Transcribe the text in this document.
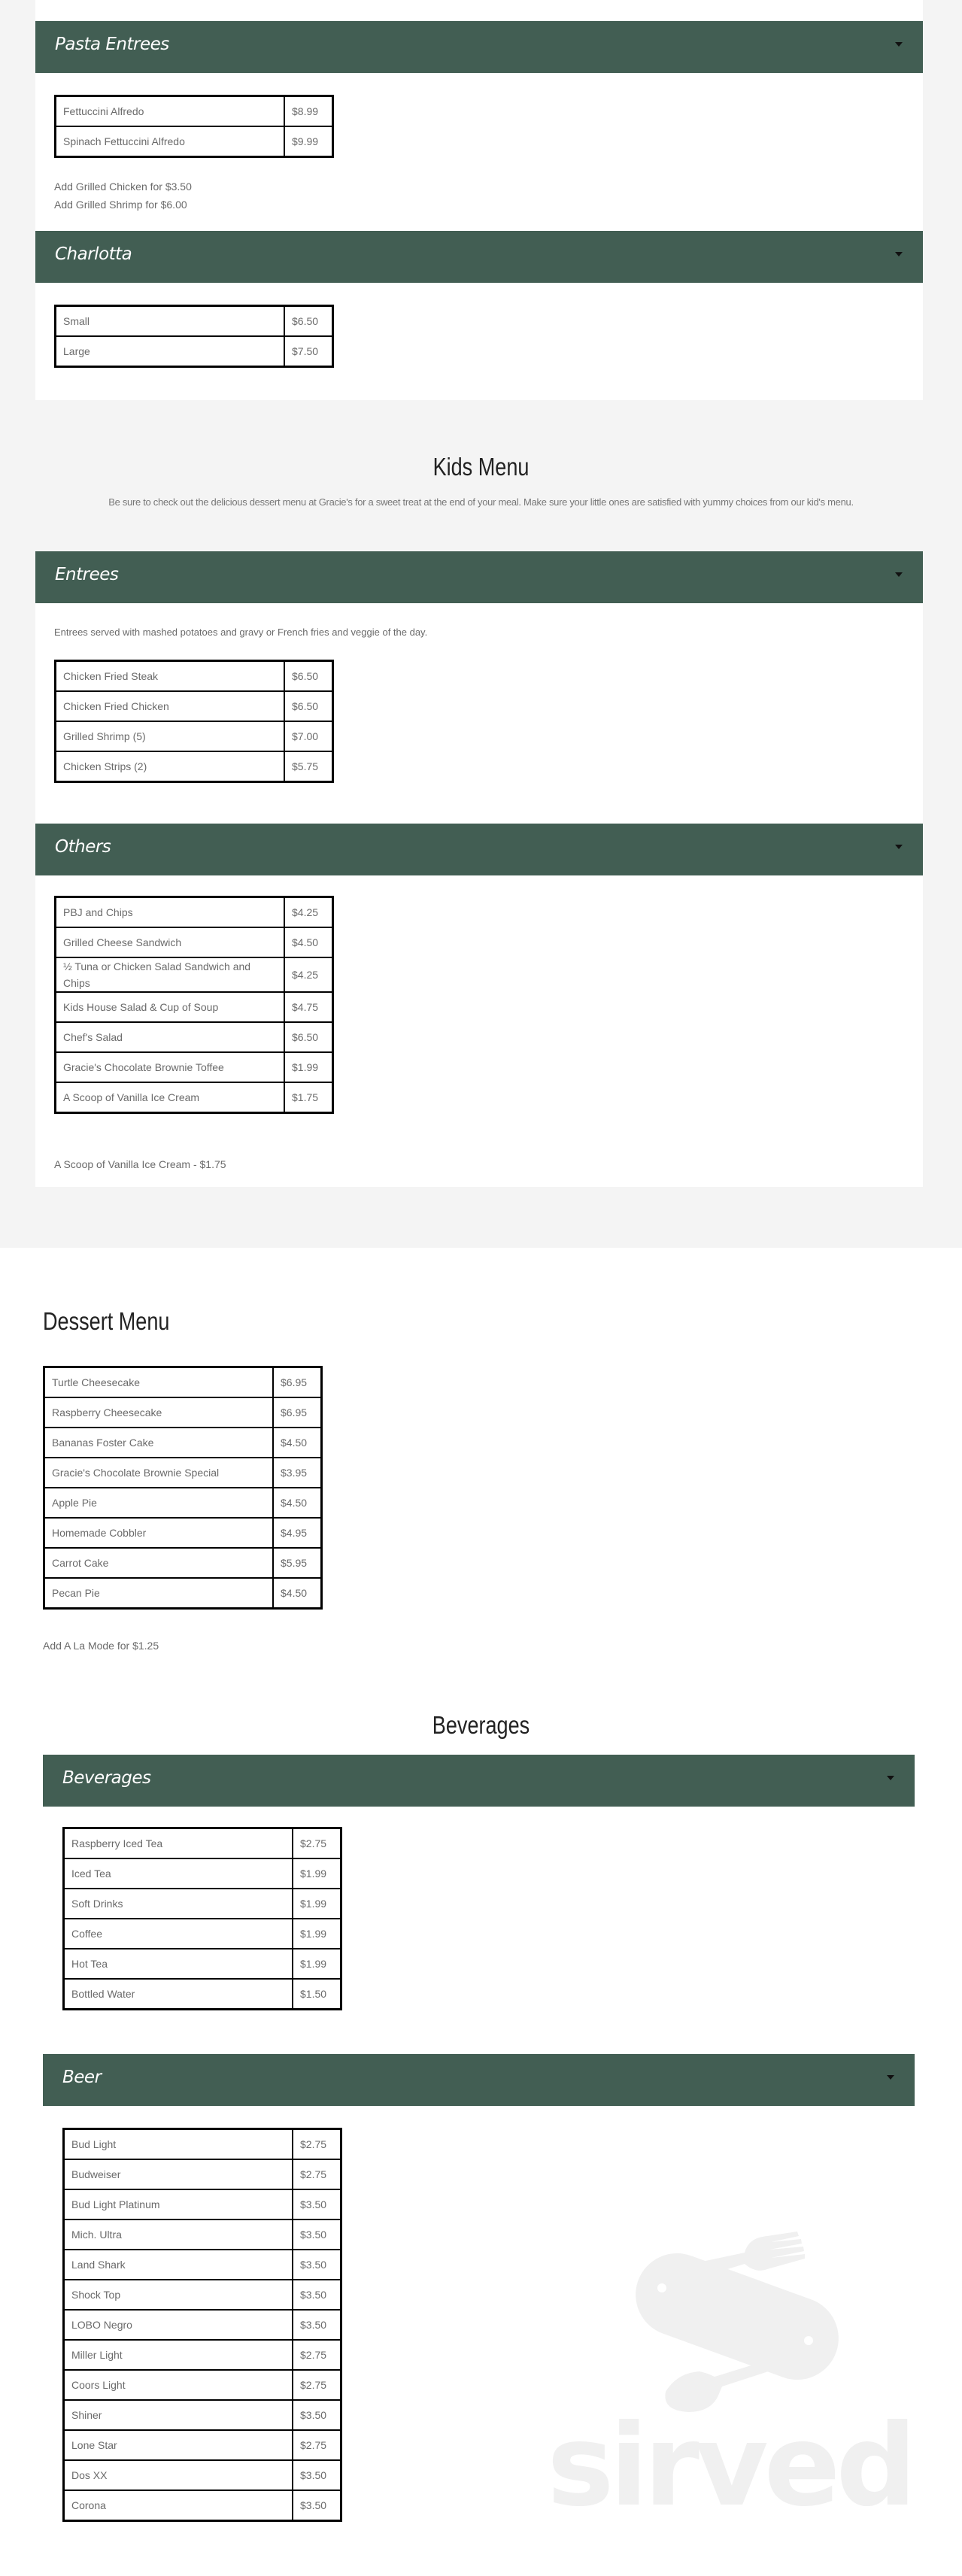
Pasta Entrees
Fettuccini Alfredo	$8.99
Spinach Fettuccini Alfredo	$9.99
Add Grilled Chicken for $3.50
Add Grilled Shrimp for $6.00
Charlotta
Small	$6.50
Large	$7.50
Kids Menu
Be sure to check out the delicious dessert menu at Gracie's for a sweet treat at the end of your meal. Make sure your little ones are satisfied with yummy choices from our kid's menu.
Entrees
Entrees served with mashed potatoes and gravy or French fries and veggie of the day.
Chicken Fried Steak	$6.50
Chicken Fried Chicken	$6.50
Grilled Shrimp (5)	$7.00
Chicken Strips (2)	$5.75
Others
PBJ and Chips	$4.25
Grilled Cheese Sandwich	$4.50
½ Tuna or Chicken Salad Sandwich and Chips	$4.25
Kids House Salad & Cup of Soup	$4.75
Chef's Salad	$6.50
Gracie's Chocolate Brownie Toffee	$1.99
A Scoop of Vanilla Ice Cream	$1.75
A Scoop of Vanilla Ice Cream - $1.75
Dessert Menu
Turtle Cheesecake	$6.95
Raspberry Cheesecake	$6.95
Bananas Foster Cake	$4.50
Gracie's Chocolate Brownie Special	$3.95
Apple Pie	$4.50
Homemade Cobbler	$4.95
Carrot Cake	$5.95
Pecan Pie	$4.50
Add A La Mode for $1.25
Beverages
Beverages
Raspberry Iced Tea	$2.75
Iced Tea	$1.99
Soft Drinks	$1.99
Coffee	$1.99
Hot Tea	$1.99
Bottled Water	$1.50
Beer
Bud Light	$2.75
Budweiser	$2.75
Bud Light Platinum	$3.50
Mich. Ultra	$3.50
Land Shark	$3.50
Shock Top	$3.50
LOBO Negro	$3.50
Miller Light	$2.75
Coors Light	$2.75
Shiner	$3.50
Lone Star	$2.75
Dos XX	$3.50
Corona	$3.50 sirved
